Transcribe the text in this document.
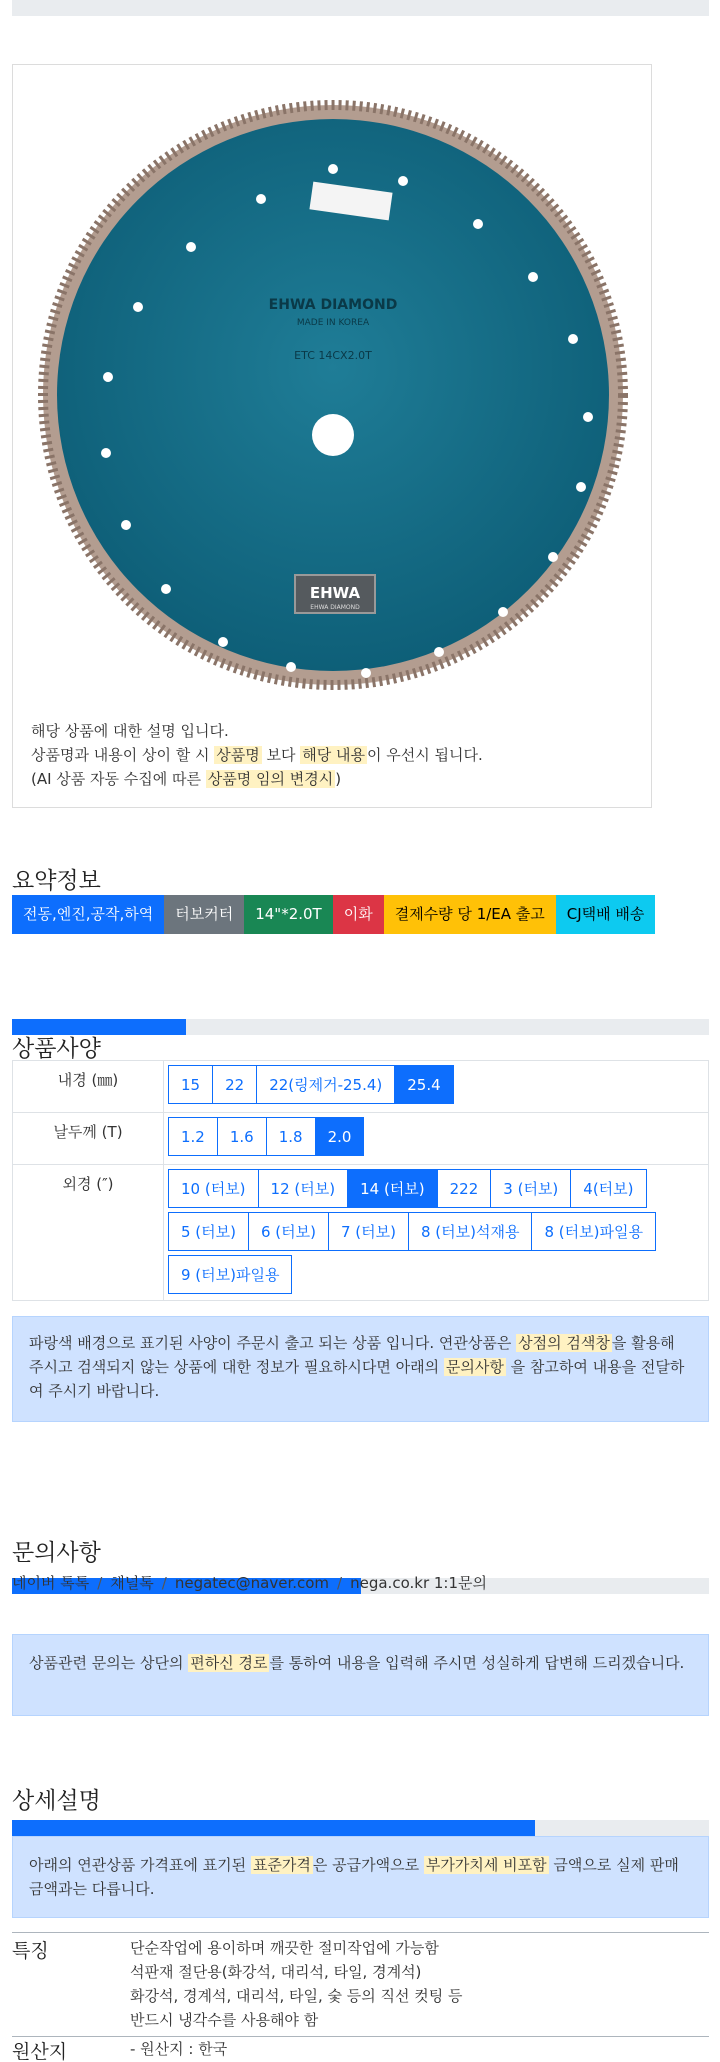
EHWA DIAMOND
MADE IN KOREA
ETC 14CX2.0T
EHWA
EHWA DIAMOND
해당 상품에 대한 설명 입니다.
상품명과 내용이 상이 할 시 상품명 보다 해당 내용 이 우선시 됩니다.
(AI 상품 자동 수집에 따른 상품명 임의 변경시 )
요약정보
전동,엔진,공작,하역	터보커터	14"*2.0T	이화	결제수량 당 1/EA 출고	CJ택배 배송
상품사양
내경 (㎜)	15	22	22(링제거-25.4)	25.4
날두께 (T)	1.2	1.6	1.8	2.0
외경 (″)	10 (터보)	12 (터보)	14 (터보)	222	3 (터보)	4(터보)
5 (터보)	6 (터보)	7 (터보)	8 (터보)석재용	8 (터보)파일용
9 (터보)파일용
파랑색 배경으로 표기된 사양이 주문시 출고 되는 상품 입니다. 연관상품은 상점의 검색창 을 활용해 주시고 검색되지 않는 상품에 대한 정보가 필요하시다면 아래의 문의사항 을 참고하여 내용을 전달하여 주시기 바랍니다.
문의사항
네이버 톡톡 / 채널톡 / negatec@naver.com / nega.co.kr 1:1문의
상품관련 문의는 상단의 편하신 경로 를 통하여 내용을 입력해 주시면 성실하게 답변해 드리겠습니다.
상세설명
아래의 연관상품 가격표에 표기된 표준가격 은 공급가액으로 부가가치세 비포함 금액으로 실제 판매금액과는 다릅니다.
특징	단순작업에 용이하며 깨끗한 절미작업에 가능함
석판재 절단용(화강석, 대리석, 타일, 경계석)
화강석, 경계석, 대리석, 타일, 숯 등의 직선 컷팅 등
반드시 냉각수를 사용해야 함
원산지	- 원산지 : 한국
